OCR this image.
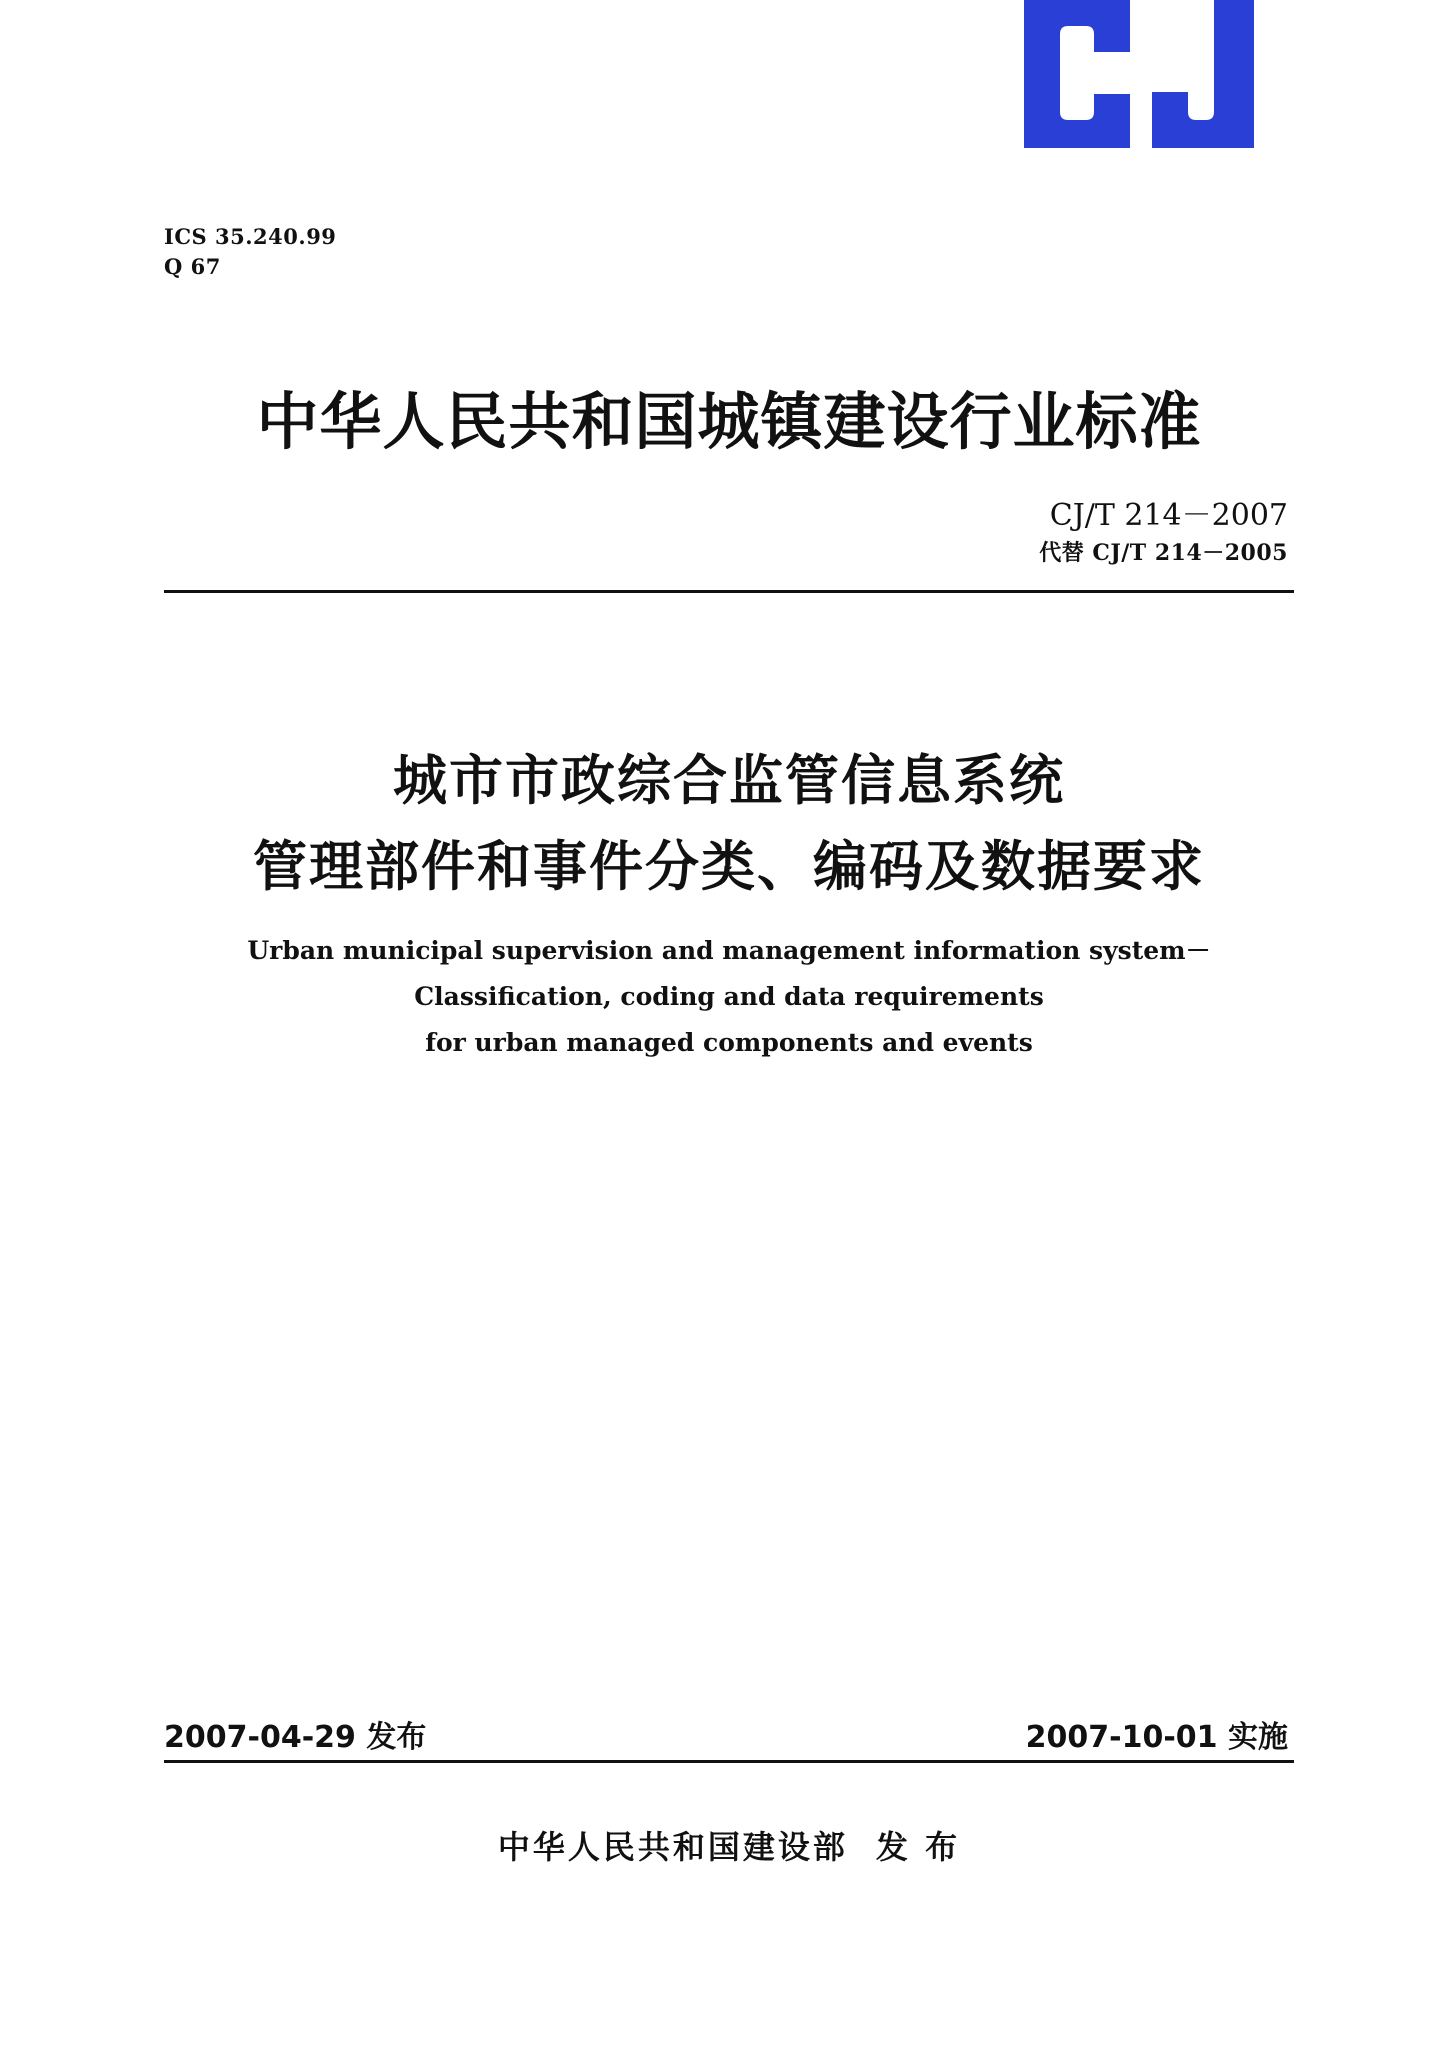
ICS 35.240.99
Q 67
中华人民共和国城镇建设行业标准
CJ/T 214－2007
代替 CJ/T 214－2005
城市市政综合监管信息系统
管理部件和事件分类、编码及数据要求
Urban municipal supervision and management information system－
Classification, coding and data requirements
for urban managed components and events
2007-04-29 发布	2007-10-01 实施
中华人民共和国建设部 发 布
